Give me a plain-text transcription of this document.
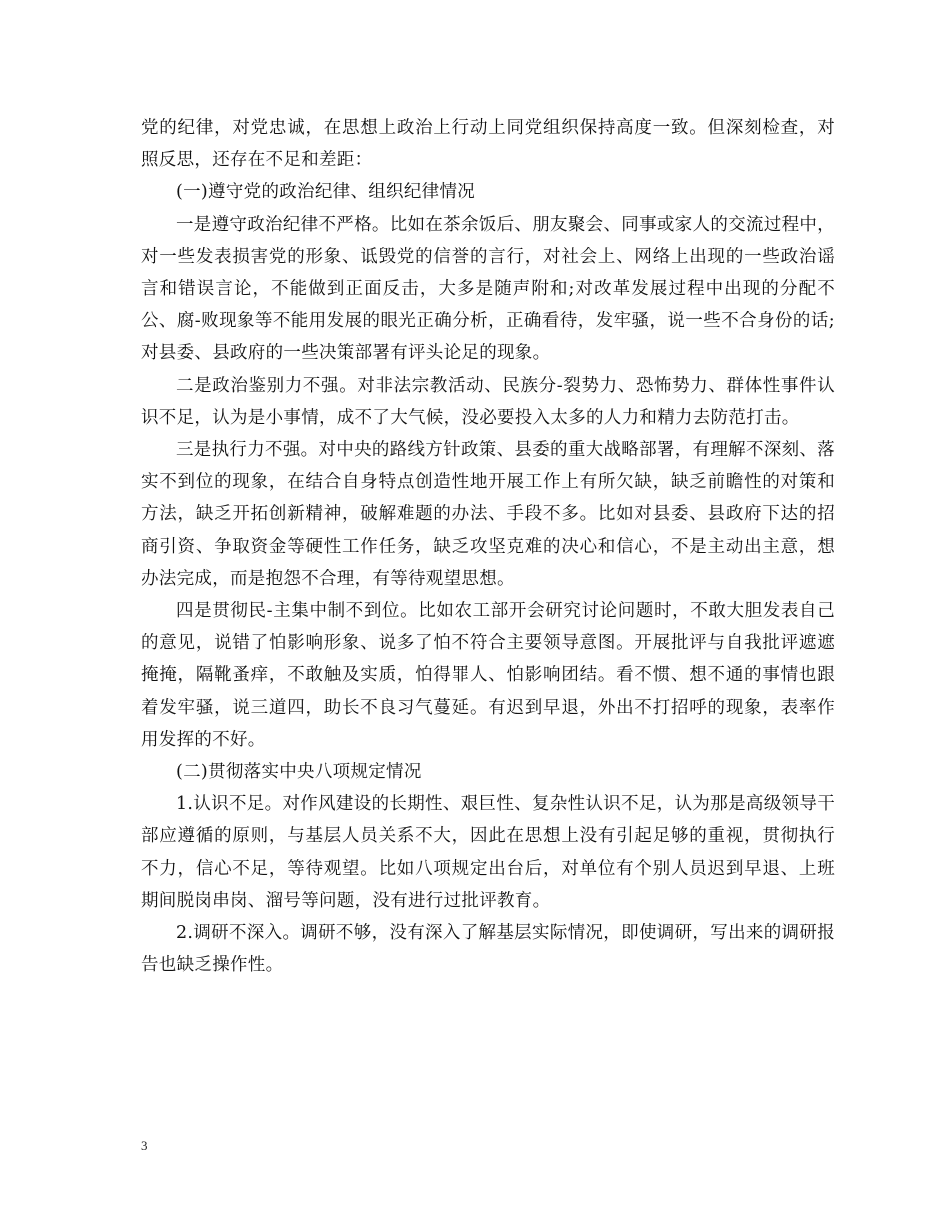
党的纪律，对党忠诚，在思想上政治上行动上同党组织保持高度一致。但深刻检查，对照反思，还存在不足和差距：

(一)遵守党的政治纪律、组织纪律情况

一是遵守政治纪律不严格。比如在茶余饭后、朋友聚会、同事或家人的交流过程中，对一些发表损害党的形象、诋毁党的信誉的言行，对社会上、网络上出现的一些政治谣言和错误言论，不能做到正面反击，大多是随声附和;对改革发展过程中出现的分配不公、腐-败现象等不能用发展的眼光正确分析，正确看待，发牢骚，说一些不合身份的话;对县委、县政府的一些决策部署有评头论足的现象。

二是政治鉴别力不强。对非法宗教活动、民族分-裂势力、恐怖势力、群体性事件认识不足，认为是小事情，成不了大气候，没必要投入太多的人力和精力去防范打击。

三是执行力不强。对中央的路线方针政策、县委的重大战略部署，有理解不深刻、落实不到位的现象，在结合自身特点创造性地开展工作上有所欠缺，缺乏前瞻性的对策和方法，缺乏开拓创新精神，破解难题的办法、手段不多。比如对县委、县政府下达的招商引资、争取资金等硬性工作任务，缺乏攻坚克难的决心和信心，不是主动出主意，想办法完成，而是抱怨不合理，有等待观望思想。

四是贯彻民-主集中制不到位。比如农工部开会研究讨论问题时，不敢大胆发表自己的意见，说错了怕影响形象、说多了怕不符合主要领导意图。开展批评与自我批评遮遮掩掩，隔靴蚤痒，不敢触及实质，怕得罪人、怕影响团结。看不惯、想不通的事情也跟着发牢骚，说三道四，助长不良习气蔓延。有迟到早退，外出不打招呼的现象，表率作用发挥的不好。

(二)贯彻落实中央八项规定情况

1.认识不足。对作风建设的长期性、艰巨性、复杂性认识不足，认为那是高级领导干部应遵循的原则，与基层人员关系不大，因此在思想上没有引起足够的重视，贯彻执行不力，信心不足，等待观望。比如八项规定出台后，对单位有个别人员迟到早退、上班期间脱岗串岗、溜号等问题，没有进行过批评教育。

2.调研不深入。调研不够，没有深入了解基层实际情况，即使调研，写出来的调研报告也缺乏操作性。

3
